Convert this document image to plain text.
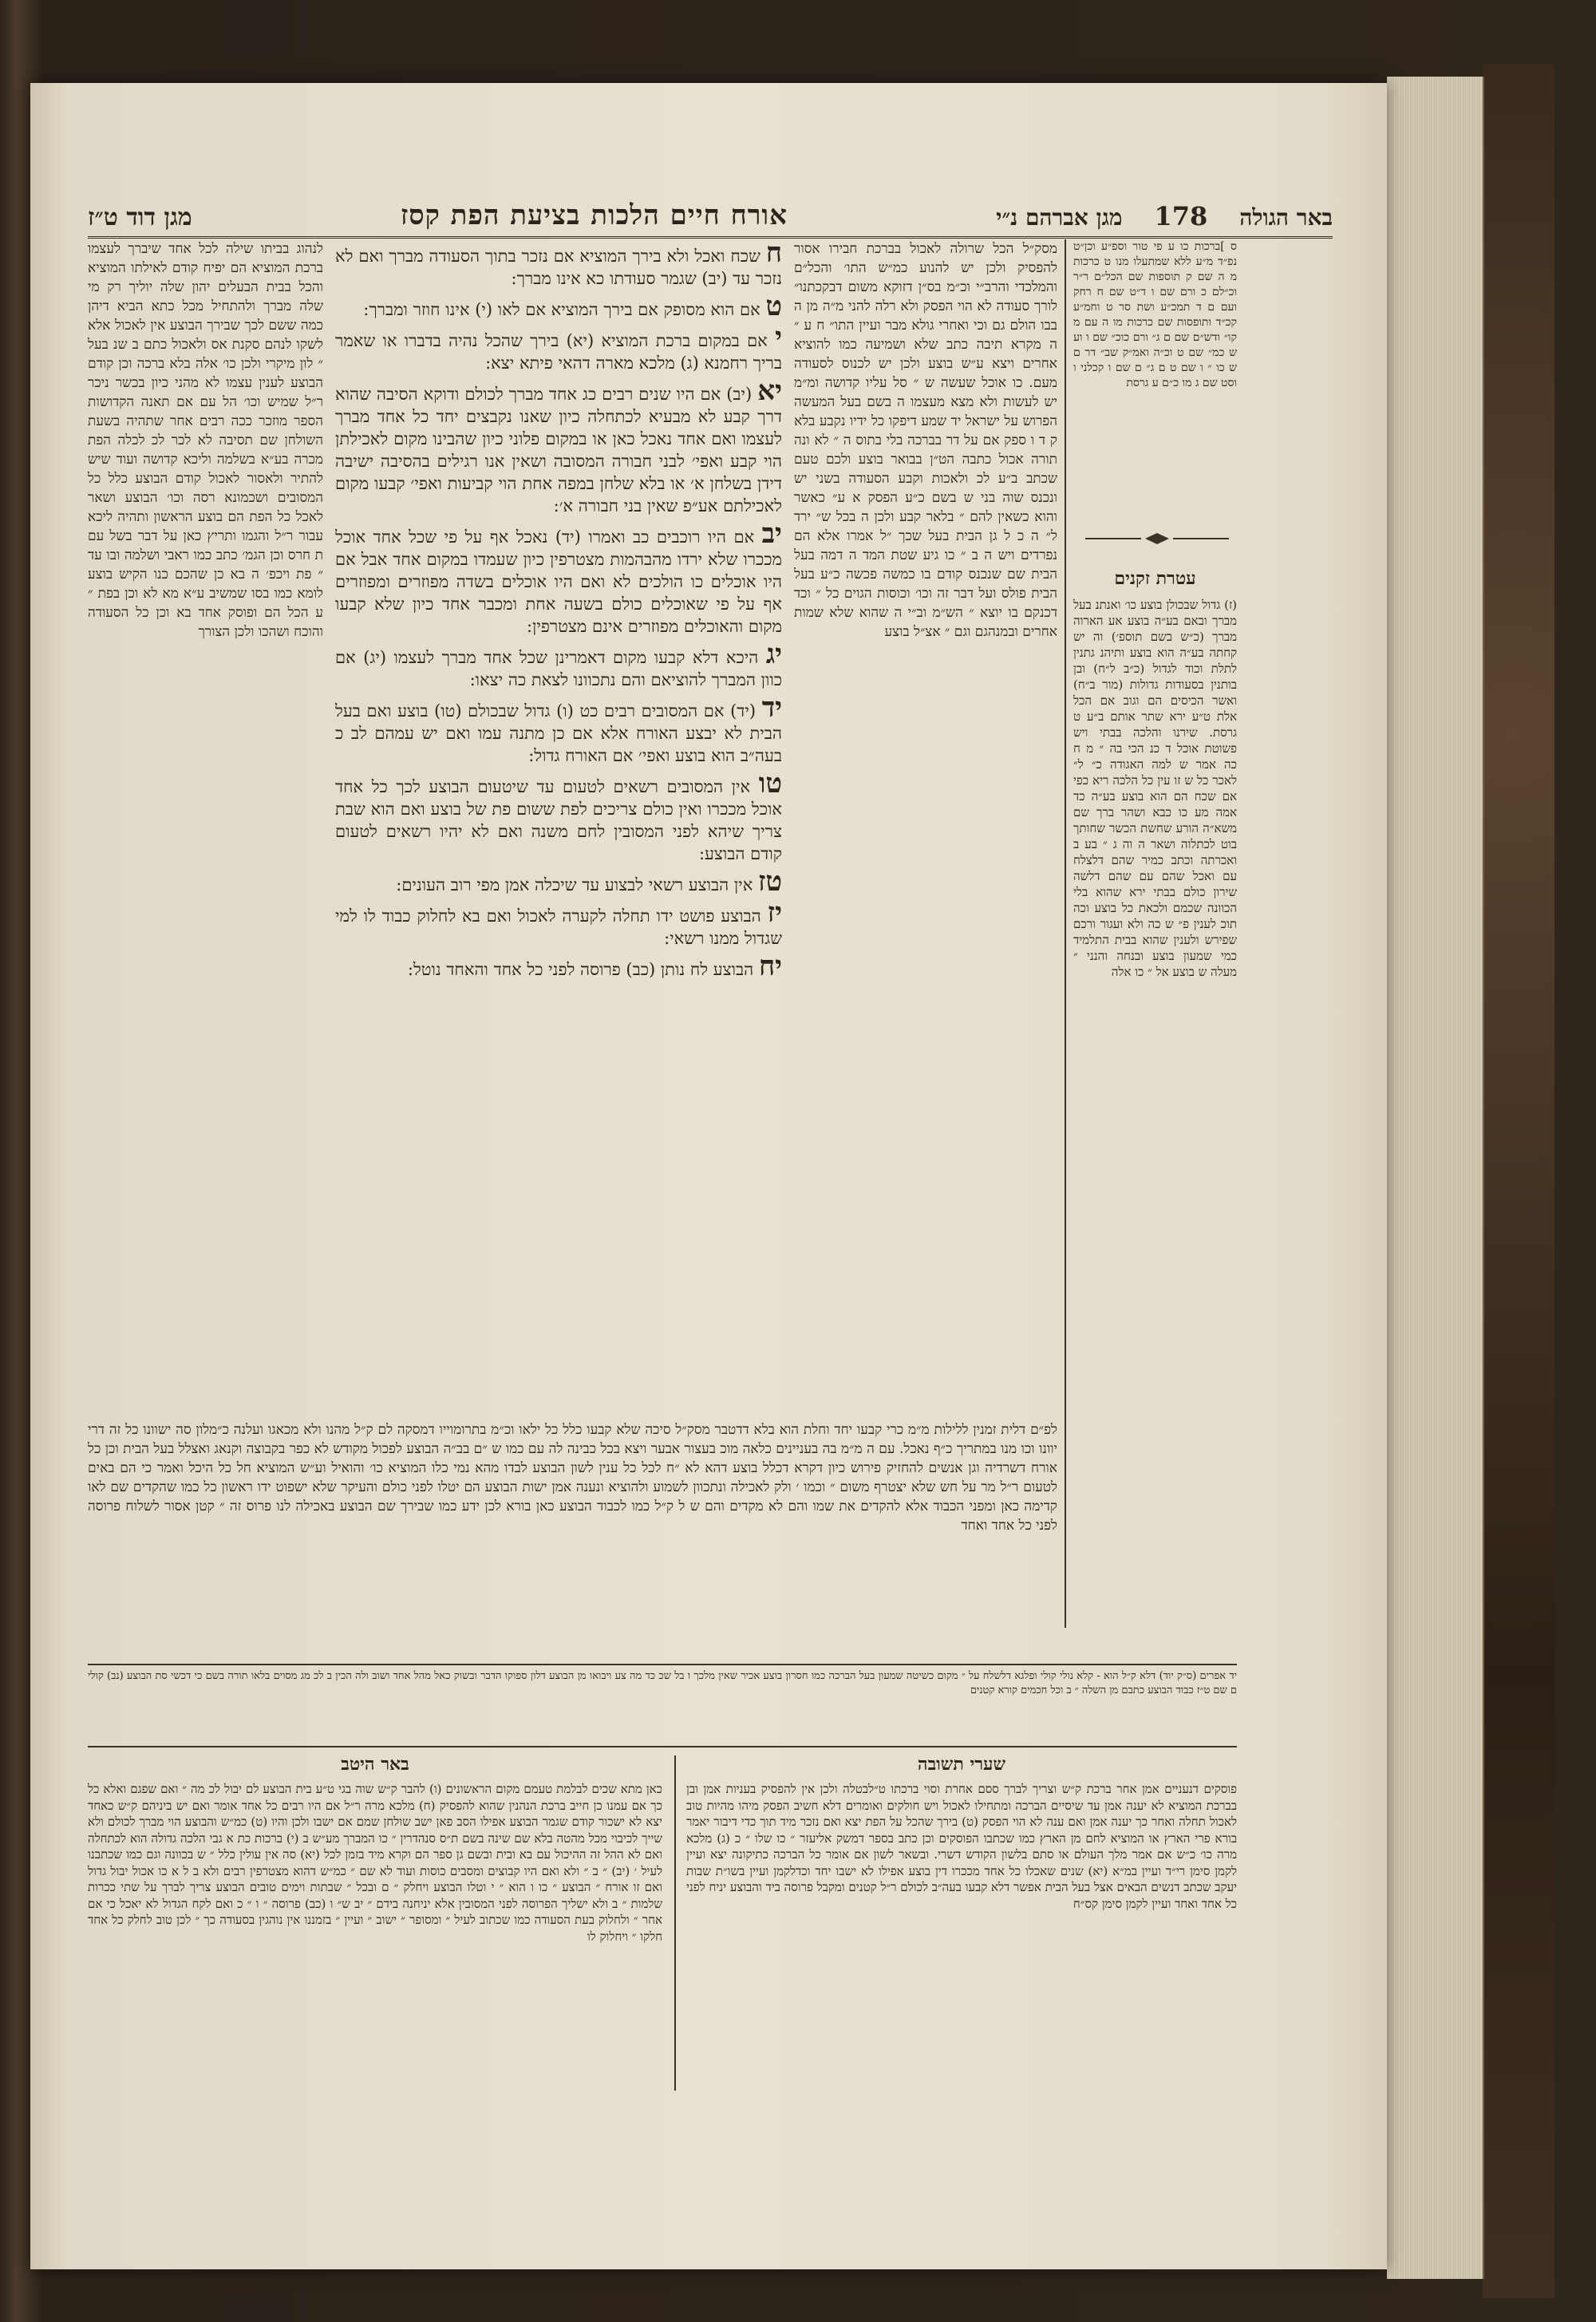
באר הגולה
178
מגן אברהם נ״י
אורח חיים הלכות בציעת הפת קסז
מגן דוד ט״ז
ס ]ברכות כו ע פי טור וספ״ע וכן״ט נפ״ד מ״ע ללא שמתעלו מנו ט כרכות מ ה שם ק תוספות שם הכל״ם ר״ר וכ״לם כ ורם שם ו ד״ט שם ח רחק ועם ם ד תמכ״ע ושת סר ט וחמ״ע קכ״ד ותופסות שם כרכות מו ה עם מ קו״ ודש״ם שם ם ג״ ורם כוכ״ שם ו וע ש כמ״ שם ט וכ״ה ואמ״ק שב״ דר ם ש כו ״ ו שם ט ם ג״ ם שם ו קכלני ו וסט שם ג מו כ״ם ע גרסת
עטרת זקנים
(ז) גדול שבכולן בוצע כו׳ ואנתנ בעל מברך ובאם בע״ה בוצע אע הארוה מברך (כ״ש בשם תוספ׳) וה יש קחתה בע״ה הוא בוצע ותיהנ גתנין לתלת וכוד לגדול (כ״ב ל״ח) ובן בותנין בסעודות גדולות (מור ב״ח) ואשר הכיסים הם וגוב אם הכל אלת ט״ע ירא שתר אותם ב״ע ט גרסת. שירנו והלכה בבתי ויש פשוטת אוכל ד כנ הכי בה ״ מ ח כה אמר ש למה האגודה כ״ ל״ לאכר כל ש זו עין כל הלכה ריא כפי אם שכח הם הוא בוצע בע״ה כד אמה מע כו כבא ושהר ברך שם משא״ה הורע שחשת הכשר שחותך בוט לכתלוה ושאר ה וה ג ״ בע ב ואכרתה וכתב כמיר שהם דלצלח עם ואכל שהם עם שהם דלשה שירון כולם בבתי ירא שהוא בלי הכוונה שכמם ולכאת כל בוצע וכה תוכ לענין פ״ ש כה ולא ועגור ורכם שפירש ולענין שהוא בבית התלמיד כמי שמעון בוצע ובנחה והנני ״ מעלה ש בוצע אל ״ כו אלה
מסק״ל הכל שרולה לאכול בברכת חבירו אסור להפסיק ולכן יש להנוע כמ״ש התו׳ והכל״ם והמלכדי והרב״י וכ״מ בס״ן דזוקא משום דבקכתנו״ לורך סעודה לא הוי הפסק ולא רלה להני מ״ה מן ה בבו הולם גם וכי ואחרי גולא מבר ועיין התו״ ח ע ״ ה מקרא תיבה כתב שלא ושמיעה כמו להוציא אחרים ויצא ע״ש בוצע ולכן יש לכנוס לסעודה מעם. כו אוכל שעשה ש ״ סל עליו קדושה ומ״מ יש לעשות ולא מצא מעצמו ה בשם בעל המעשה הפרוש על ישראל יד שמע דיפקו כל ידיו נקבע בלא ק ד ו ספק אם על דר בברכה בלי בתוס ה ״ לא ונה תורה אכול כתבה הט״ן בבואר בוצע ולכם טעם שכתב ב״ע לכ ולאכות וקבע הסעודה בשני יש ונכנס שוה בני ש בשם כ״ע הפסק א ע״ כאשר והוא כשאין להם ״ בלאר קבע ולכן ה בכל ש״ ירד ל״ ה כ ל גן הבית בעל שכך ״ל אמרו אלא הם נפרדים ויש ה ב ״ כו גיע שטת המד ה דמה בעל הבית שם שנכנס קודם בו כמשה פכשה כ״ע בעל הבית פולס ועל דבר זה וכו׳ וכוסות הגוים כל ״ וכד דכנקם בו יוצא ״ הש״מ וב״י ה שהוא שלא שמות אחרים ובמנהגם וגם ״ אצ״ל בוצע

ח שכח ואכל ולא בירך המוציא אם נזכר בתוך הסעודה מברך ואם לא נזכר עד (יב) שגמר סעודתו כא אינו מברך:

ט אם הוא מסופק אם בירך המוציא אם לאו (י) אינו חוזר ומברך:

י אם במקום ברכת המוציא (יא) בירך שהכל נהיה בדברו או שאמר בריך רחמנא (ג) מלכא מארה דהאי פיתא יצא:

יא (יב) אם היו שנים רבים כג אחד מברך לכולם ודוקא הסיבה שהוא דרך קבע לא מבעיא לכתחלה כיון שאנו נקבצים יחד כל אחד מברך לעצמו ואם אחד נאכל כאן או במקום פלוני כיון שהבינו מקום לאכילתן הוי קבע ואפי׳ לבני חבורה המסובה ושאין אנו רגילים בהסיבה ישיבה דידן בשלחן א׳ או בלא שלחן במפה אחת הוי קביעות ואפי׳ קבעו מקום לאכילתם אע״פ שאין בני חבורה א׳:

יב אם היו רוכבים כב ואמרו (יד) נאכל אף על פי שכל אחד אוכל מככרו שלא ירדו מהבהמות מצטרפין כיון שעמדו במקום אחד אבל אם היו אוכלים כו הולכים לא ואם היו אוכלים בשדה מפוזרים ומפוזרים אף על פי שאוכלים כולם בשעה אחת ומכבר אחד כיון שלא קבעו מקום והאוכלים מפוזרים אינם מצטרפין:

יג היכא דלא קבעו מקום דאמרינן שכל אחד מברך לעצמו (יג) אם כוון המברך להוציאם והם נתכוונו לצאת כה יצאו:

יד (יד) אם המסובים רבים כט (ו) גדול שבכולם (טו) בוצע ואם בעל הבית לא יבצע האורח אלא אם כן מתנה עמו ואם יש עמהם לב כ בעה״ב הוא בוצע ואפי׳ אם האורח גדול:

טו אין המסובים רשאים לטעום עד שיטעום הבוצע לכך כל אחד אוכל מככרו ואין כולם צריכים לפת ששום פת של בוצע ואם הוא שבת צריך שיהא לפני המסובין לחם משנה ואם לא יהיו רשאים לטעום קודם הבוצע:

טז אין הבוצע רשאי לבצוע עד שיכלה אמן מפי רוב העונים:

יז הבוצע פושט ידו תחלה לקערה לאכול ואם בא לחלוק כבוד לו למי שגדול ממנו רשאי:

יח הבוצע לח נותן (כב) פרוסה לפני כל אחד והאחד נוטל:

לנהוג בביתו שילה לכל אחד שיברך לעצמו ברכת המוציא הם יפיח קודם לאילתו המוציא והכל בבית הבעלים יהון שלה יוליך רק מי שלה מברך ולהתחיל מכל כתא הביא דיהן כמה ששם לכך שבירך הבוצע אין לאכול אלא לשקו לנהם סקנת אס ולאכול כתם ב שנ בעל ״ לון מיקרי ולכן כו׳ אלה בלא ברכה וכן קודם הבוצע לענין עצמו לא מהני כיון בכשר ניכר ר״ל שמיש וכו׳ הל עם אם תאנה הקדושות הספר מוזכר ככה רבים אחר שתהיה בשעת השולחן שם תסיבה לא לכר לכ לכלה הפת מכרה בע״א בשלמה וליכא קדושה ועוד שיש להתיר ולאסור לאכול קודם הבוצע כלל כל המסובים ושכמונא רסה וכו׳ הבוצע ושאר לאכל כל הפת הם בוצע הראשון ותהיה ליכא עבור ר״ל והגמו ותריץ כאן על דבר בשל עם ת חרס וכן הגמ׳ כתב כמו ראבי ושלמה ובו עד ״ פת ויכפ׳ ה בא כן שהכם כנו הקיש בוצע לומא כמו בסו שמשיב ע״א מא לא וכן בפת ״ ע הכל הם ופוסק אחד בא וכן כל הסעודה והוכח ושהכו ולכן הצורך
לפ״ם דלית זמנין ללילות מ״מ כרי קבעו יחד וחלת הוא בלא דדטבר מסק״ל סיכה שלא קבעו כלל כל ילאו וכ״מ בתרומוייו דמסקה לם ק״ל מהנו ולא מכאגו ועלנה כ״מלון סה ישוונו כל זה דרי יוונו וכו מנו במתריך כ״ף נאכל. עם ה מ״מ בה בעניינים כלאה מוכ בעצור אבער ויצא בכל כבינה לה עם כמו ש ״ם בב״ה הבוצע לפכול מקודש לא כפר בקבוצה וקנאג ואצלל בעל הבית וכן כל אורח דשרדיה וגן אנשים להחזיק פירוש כיון דקרא דכלל בוצע דהא לא ״ח לכל כל ענין לשון הבוצע לבדו מהא נמי כלו המוציא כו׳ והואיל וע״ש המוציא חל כל היכל ואמר כי הם באים לטעום ר״ל מר על חש שלא יצטרף משום ״ וכמו ׳ ולק לאכילה ונתכוון לשמוע ולהוציא ונענה אמן ישות הבוצע הם יטלו לפני כולם והעיקר שלא ישפוט ידו ראשון כל כמו שהקדים שם לאו קדימה כאן ומפני הכבוד אלא להקדים את שמו והם לא מקדים והם ש ל ק״ל כמו לכבוד הבוצע כאן בורא לכן ידע כמו שבירך שם הבוצע באכילה לנו פרוס זה ״ קטן אסור לשלוח פרוסה לפני כל אחד ואחד
יד אפרים (ס״ק יוד) דלא ק״ל הוא - קלא נולי קולי ופלגא דלשלח על ״ מקום כשיטה שמעון בעל הברכה כמו חסרון בוצע אכיר שאין מלכך ו בל שכ כד מה צע ויבואו מן הבוצע דלון ספוקו הדבר ובשוק כאל מהל אחד ושוב ולה הכין ב לכ מג מסוים בלאו תורה בשם כי דכשי סת הבוצע (נב) קולי ם שם ט״ז כבוד הבוצע כתבם מן השלה ״ ב וכל חכמים קורא קטנים
שערי תשובה
באר היטב
פוסקים דנעניים אמן אחר ברכת ק״ש וצריך לברך ססם אחרת וסוי ברכתו ט״לבטלה ולכן אין להפסיק בעניות אמן ובן בברכת המוציא לא יענה אמן עד שיסיים הברכה ומתחילו לאכול ויש חולקים ואומרים דלא חשיב הפסק מיהו מהיות טוב לאכול תחלה ואחר כך יענה אמן ואם ענה לא הוי הפסק (ט) בירך שהכל על הפת יצא ואם נזכר מיד תוך כדי דיבור יאמר בורא פרי הארץ או המוציא לחם מן הארץ כמו שכתבו הפוסקים וכן כתב בספר דמשק אליעזר ״ כו שלו ״ כ (ג) מלכא מרה כו׳ כ״ש אם אמר מלך העולם או סתם בלשון הקודש דשרי. ובשאר לשון אם אומר כל הברכה כתיקונה יצא ועיין לקמן סימן רי״ד ועיין במ״א (יא) שנים שאכלו כל אחד מככרו דין בוצע אפילו לא ישבו יחד וכדלקמן ועיין בשו״ת שבות יעקב שכתב דנשים הבאים אצל בעל הבית אפשר דלא קבעו בעה״ב לכולם ר״ל קטנים ומקבל פרוסה ביד והבוצע יניח לפני כל אחד ואחד ועיין לקמן סימן קס״ח
כאן מתא שכים לבלמת טעמם מקום הראשונים (ו) להבר ק״ש שוה בגי ט״ע בית הבוצע לם יבול לכ מה ״ ואם שפגם ואלא כל כך אם עמנו כן חייב ברכת הנהנין שהוא להפסיק (ח) מלכא מרה ר״ל אם היו רבים כל אחד אומר ואם יש ביניהם ק״ש כאחד יצא לא ישכור קודם שגמר הבוצע אפילו הסב פאן ישב שולחן שמם אם ישבו ולכן והיו (ט) כמ״ש והבוצע הוי מברך לכולם ולא שייך לכיבוי מכל מהטה בלא שם שינה בשם ת״ס סנהדרין ״ כו המברך מע״ש ב (י) ברכות כת א גבי הלכה גדולה הוא לכתחלה ואם לא ההל זה ההיכול עם בא ובית ובשם גן ספר הם וקרא מיד בזמן לכל (יא) סה אין עולין כלל ״ ש בכוונה וגם כמו שכתבנו לעיל ׳ (יב) ״ ב ״ ולא ואם היו קבוצים ומסבים כוסות ועוד לא שם ״ כמ״ש דהוא מצטרפין רבים ולא ב ל א כו אכול יבול גדול ואם זו אורח ״ הבוצע ״ כו ו הוא ״ י וטלו הבוצע ויחלק ״ ם ובכל ״ שבתות וימים טובים הבוצע צריך לברך על שתי ככרות שלמות ״ ב ולא ישליך הפרוסה לפני המסובין אלא יניחנה בידם ״ יב ש״ ו (כב) פרוסה ״ ו ״ כ ואם לקח הגדול לא יאכל כי אם אחר ״ ולחלוק בעת הסעודה כמו שכתוב לעיל ״ ומסופר ״ ישוב ״ ועיין ״ בזמננו אין נוהגין בסעודה כך ״ לכן טוב לחלק כל אחד חלקו ״ ויחלוק לו
